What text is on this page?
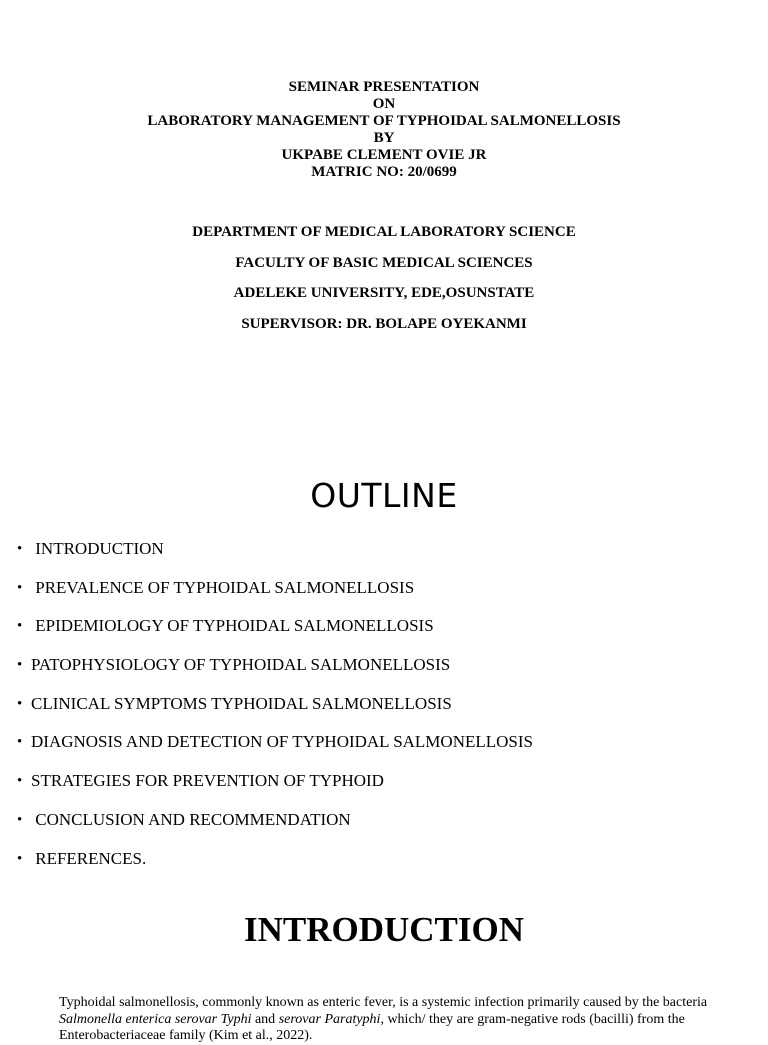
SEMINAR PRESENTATION
ON
LABORATORY MANAGEMENT OF TYPHOIDAL SALMONELLOSIS
BY
UKPABE CLEMENT OVIE JR
MATRIC NO: 20/0699
DEPARTMENT OF MEDICAL LABORATORY SCIENCE
FACULTY OF BASIC MEDICAL SCIENCES
ADELEKE UNIVERSITY, EDE,OSUNSTATE
SUPERVISOR: DR. BOLAPE OYEKANMI
OUTLINE
• INTRODUCTION
• PREVALENCE OF TYPHOIDAL SALMONELLOSIS
• EPIDEMIOLOGY OF TYPHOIDAL SALMONELLOSIS
• PATOPHYSIOLOGY OF TYPHOIDAL SALMONELLOSIS
• CLINICAL SYMPTOMS TYPHOIDAL SALMONELLOSIS
• DIAGNOSIS AND DETECTION OF TYPHOIDAL SALMONELLOSIS
• STRATEGIES FOR PREVENTION OF TYPHOID
• CONCLUSION AND RECOMMENDATION
• REFERENCES.
INTRODUCTION

Typhoidal salmonellosis, commonly known as enteric fever, is a systemic infection primarily caused by the bacteria Salmonella enterica serovar Typhi and serovar Paratyphi, which/ they are gram-negative rods (bacilli) from the Enterobacteriaceae family (Kim et al., 2022).
